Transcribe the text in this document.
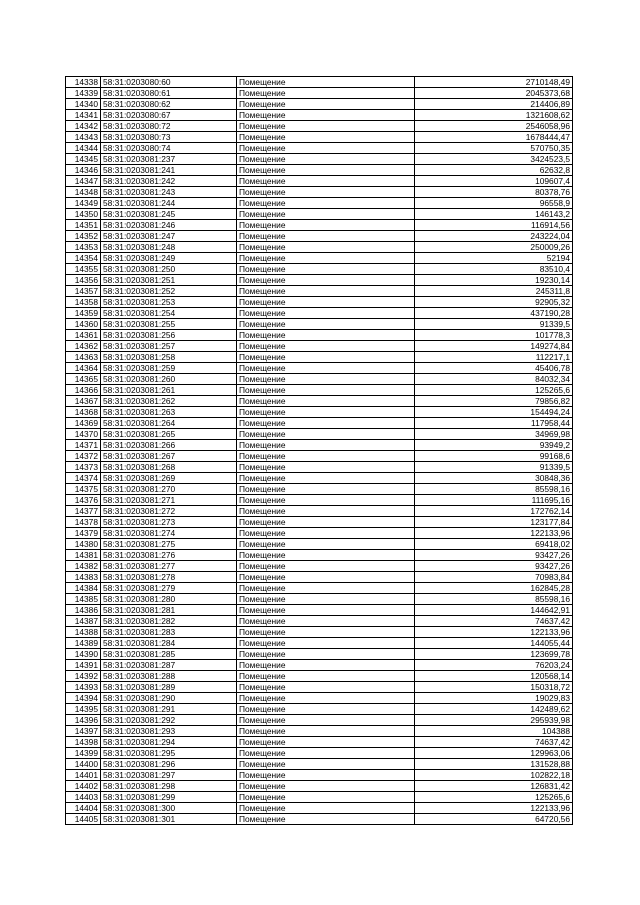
14338	58:31:0203080:60	Помещение	2710148,49
14339	58:31:0203080:61	Помещение	2045373,68
14340	58:31:0203080:62	Помещение	214406,89
14341	58:31:0203080:67	Помещение	1321608,62
14342	58:31:0203080:72	Помещение	2546058,96
14343	58:31:0203080:73	Помещение	1678444,47
14344	58:31:0203080:74	Помещение	570750,35
14345	58:31:0203081:237	Помещение	3424523,5
14346	58:31:0203081:241	Помещение	62632,8
14347	58:31:0203081:242	Помещение	109607,4
14348	58:31:0203081:243	Помещение	80378,76
14349	58:31:0203081:244	Помещение	96558,9
14350	58:31:0203081:245	Помещение	146143,2
14351	58:31:0203081:246	Помещение	116914,56
14352	58:31:0203081:247	Помещение	243224,04
14353	58:31:0203081:248	Помещение	250009,26
14354	58:31:0203081:249	Помещение	52194
14355	58:31:0203081:250	Помещение	83510,4
14356	58:31:0203081:251	Помещение	19230,14
14357	58:31:0203081:252	Помещение	245311,8
14358	58:31:0203081:253	Помещение	92905,32
14359	58:31:0203081:254	Помещение	437190,28
14360	58:31:0203081:255	Помещение	91339,5
14361	58:31:0203081:256	Помещение	101778,3
14362	58:31:0203081:257	Помещение	149274,84
14363	58:31:0203081:258	Помещение	112217,1
14364	58:31:0203081:259	Помещение	45406,78
14365	58:31:0203081:260	Помещение	84032,34
14366	58:31:0203081:261	Помещение	125265,6
14367	58:31:0203081:262	Помещение	79856,82
14368	58:31:0203081:263	Помещение	154494,24
14369	58:31:0203081:264	Помещение	117958,44
14370	58:31:0203081:265	Помещение	34969,98
14371	58:31:0203081:266	Помещение	93949,2
14372	58:31:0203081:267	Помещение	99168,6
14373	58:31:0203081:268	Помещение	91339,5
14374	58:31:0203081:269	Помещение	30848,36
14375	58:31:0203081:270	Помещение	85598,16
14376	58:31:0203081:271	Помещение	111695,16
14377	58:31:0203081:272	Помещение	172762,14
14378	58:31:0203081:273	Помещение	123177,84
14379	58:31:0203081:274	Помещение	122133,96
14380	58:31:0203081:275	Помещение	69418,02
14381	58:31:0203081:276	Помещение	93427,26
14382	58:31:0203081:277	Помещение	93427,26
14383	58:31:0203081:278	Помещение	70983,84
14384	58:31:0203081:279	Помещение	162845,28
14385	58:31:0203081:280	Помещение	85598,16
14386	58:31:0203081:281	Помещение	144642,91
14387	58:31:0203081:282	Помещение	74637,42
14388	58:31:0203081:283	Помещение	122133,96
14389	58:31:0203081:284	Помещение	144055,44
14390	58:31:0203081:285	Помещение	123699,78
14391	58:31:0203081:287	Помещение	76203,24
14392	58:31:0203081:288	Помещение	120568,14
14393	58:31:0203081:289	Помещение	150318,72
14394	58:31:0203081:290	Помещение	19029,83
14395	58:31:0203081:291	Помещение	142489,62
14396	58:31:0203081:292	Помещение	295939,98
14397	58:31:0203081:293	Помещение	104388
14398	58:31:0203081:294	Помещение	74637,42
14399	58:31:0203081:295	Помещение	129963,06
14400	58:31:0203081:296	Помещение	131528,88
14401	58:31:0203081:297	Помещение	102822,18
14402	58:31:0203081:298	Помещение	126831,42
14403	58:31:0203081:299	Помещение	125265,6
14404	58:31:0203081:300	Помещение	122133,96
14405	58:31:0203081:301	Помещение	64720,56
